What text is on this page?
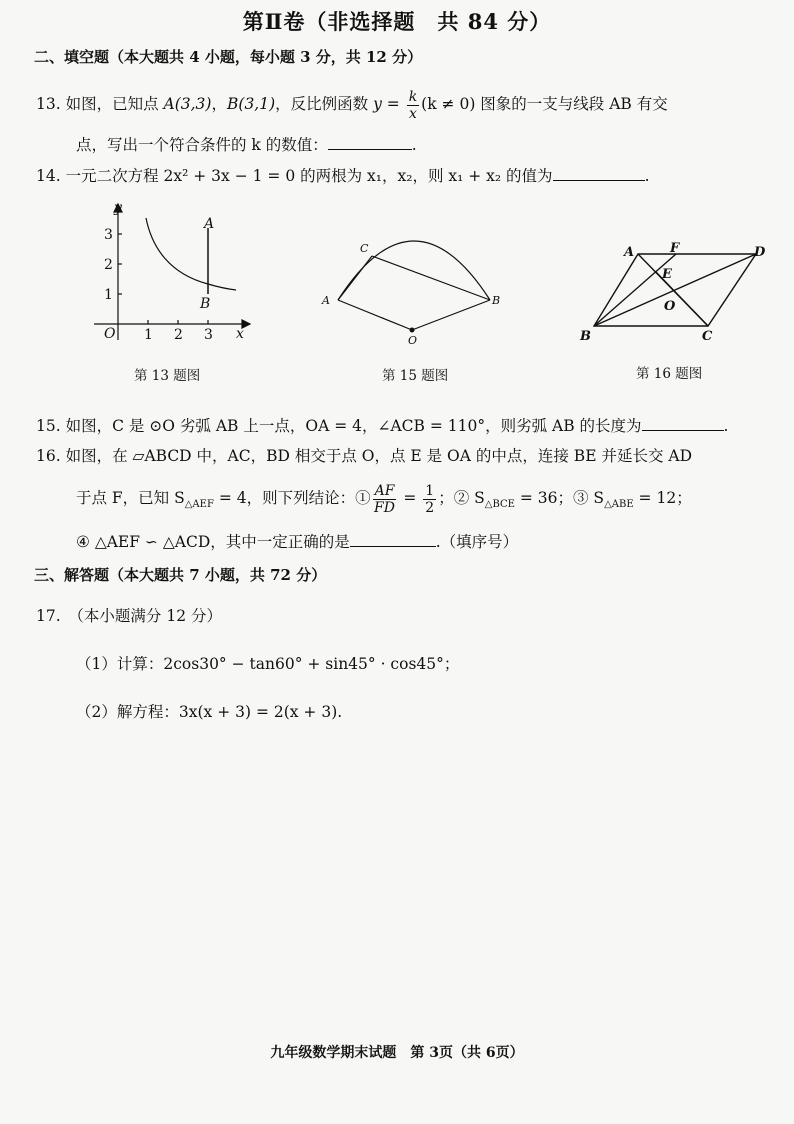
第Ⅱ卷（非选择题　共 84 分）
二、填空题（本大题共 4 小题，每小题 3 分，共 12 分）
13. 如图，已知点 A(3,3)，B(3,1)，反比例函数 $y = \frac{k}{x} (k \ne 0)$ 图象的一支与线段 AB 有交
点，写出一个符合条件的 k 的数值：	.
14. 一元二次方程 2x² + 3x − 1 = 0 的两根为 x₁，x₂，则 x₁ + x₂ 的值为	.
y
x
O 1 2 3
1
2
3
A
B
第 13 题图
A	B
C
O
第 15 题图
A	F	D
E
O
B	C
第 16 题图
15. 如图，C 是 ⊙O 劣弧 AB 上一点，OA = 4，∠ACB = 110°，则劣弧 AB 的长度为	.
16. 如图，在 ▱ABCD 中，AC，BD 相交于点 O，点 E 是 OA 的中点，连接 BE 并延长交 AD
于点 F，已知 $S_{\triangle AEF} = 4$，则下列结论：① $\frac{AF}{FD} = \frac{1}{2}$ ；② $S_{\triangle BCE} = 36$；③ $S_{\triangle ABE} = 12$；
④ △AEF ∽ △ACD，其中一定正确的是	.（填序号）
三、解答题（本大题共 7 小题，共 72 分）
17.　（本小题满分 12 分）
（1）计算：2cos30° − tan60° + sin45° · cos45°；
（2）解方程：3x(x + 3) = 2(x + 3).
九年级数学期末试题　第 3页（共 6页）
